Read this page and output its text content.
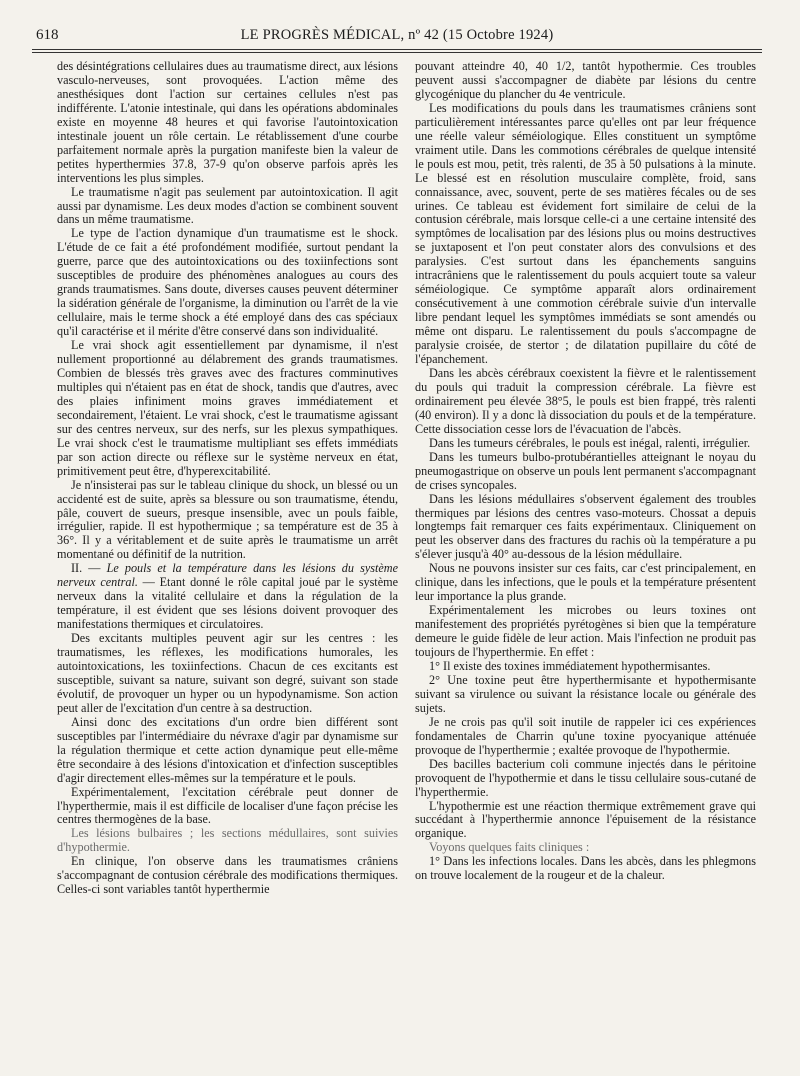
618	LE PROGRÈS MÉDICAL, nº 42 (15 Octobre 1924)

des désintégrations cellulaires dues au traumatisme direct, aux lésions vasculo-nerveuses, sont provoquées. L'action même des anesthésiques dont l'action sur certaines cellules n'est pas indifférente. L'atonie intestinale, qui dans les opérations abdominales existe en moyenne 48 heures et qui favorise l'autointoxication intestinale jouent un rôle certain. Le rétablissement d'une courbe parfaitement normale après la purgation manifeste bien la valeur de petites hyperthermies 37.8, 37-9 qu'on observe parfois après les interventions les plus simples.

Le traumatisme n'agit pas seulement par autointoxication. Il agit aussi par dynamisme. Les deux modes d'action se combinent souvent dans un même traumatisme.

Le type de l'action dynamique d'un traumatisme est le shock. L'étude de ce fait a été profondément modifiée, surtout pendant la guerre, parce que des autointoxications ou des toxiinfections sont susceptibles de produire des phénomènes analogues au cours des grands traumatismes. Sans doute, diverses causes peuvent déterminer la sidération générale de l'organisme, la diminution ou l'arrêt de la vie cellulaire, mais le terme shock a été employé dans des cas spéciaux qu'il caractérise et il mérite d'être conservé dans son individualité.

Le vrai shock agit essentiellement par dynamisme, il n'est nullement proportionné au délabrement des grands traumatismes. Combien de blessés très graves avec des fractures comminutives multiples qui n'étaient pas en état de shock, tandis que d'autres, avec des plaies infiniment moins graves immédiatement et secondairement, l'étaient. Le vrai shock, c'est le traumatisme agissant sur des centres nerveux, sur des nerfs, sur les plexus sympathiques. Le vrai shock c'est le traumatisme multipliant ses effets immédiats par son action directe ou réflexe sur le système nerveux en état, primitivement peut être, d'hyperexcitabilité.

Je n'insisterai pas sur le tableau clinique du shock, un blessé ou un accidenté est de suite, après sa blessure ou son traumatisme, étendu, pâle, couvert de sueurs, presque insensible, avec un pouls faible, irrégulier, rapide. Il est hypothermique ; sa température est de 35 à 36°. Il y a véritablement et de suite après le traumatisme un arrêt momentané ou définitif de la nutrition.

II. — Le pouls et la température dans les lésions du système nerveux central. — Etant donné le rôle capital joué par le système nerveux dans la vitalité cellulaire et dans la régulation de la température, il est évident que ses lésions doivent provoquer des manifestations thermiques et circulatoires.

Des excitants multiples peuvent agir sur les centres : les traumatismes, les réflexes, les modifications humorales, les autointoxications, les toxiinfections. Chacun de ces excitants est susceptible, suivant sa nature, suivant son degré, suivant son stade évolutif, de provoquer un hyper ou un hypodynamisme. Son action peut aller de l'excitation d'un centre à sa destruction.

Ainsi donc des excitations d'un ordre bien différent sont susceptibles par l'intermédiaire du névraxe d'agir par dynamisme sur la régulation thermique et cette action dynamique peut elle-même être secondaire à des lésions d'intoxication et d'infection susceptibles d'agir directement elles-mêmes sur la température et le pouls.

Expérimentalement, l'excitation cérébrale peut donner de l'hyperthermie, mais il est difficile de localiser d'une façon précise les centres thermogènes de la base.

Les lésions bulbaires ; les sections médullaires, sont suivies d'hypothermie.

En clinique, l'on observe dans les traumatismes crâniens s'accompagnant de contusion cérébrale des modifications thermiques. Celles-ci sont variables tantôt hyperthermie

pouvant atteindre 40, 40 1/2, tantôt hypothermie. Ces troubles peuvent aussi s'accompagner de diabète par lésions du centre glycogénique du plancher du 4e ventricule.

Les modifications du pouls dans les traumatismes crâniens sont particulièrement intéressantes parce qu'elles ont par leur fréquence une réelle valeur séméiologique. Elles constituent un symptôme vraiment utile. Dans les commotions cérébrales de quelque intensité le pouls est mou, petit, très ralenti, de 35 à 50 pulsations à la minute. Le blessé est en résolution musculaire complète, froid, sans connaissance, avec, souvent, perte de ses matières fécales ou de ses urines. Ce tableau est évidement fort similaire de celui de la contusion cérébrale, mais lorsque celle-ci a une certaine intensité des symptômes de localisation par des lésions plus ou moins destructives se juxtaposent et l'on peut constater alors des convulsions et des paralysies. C'est surtout dans les épanchements sanguins intracrâniens que le ralentissement du pouls acquiert toute sa valeur séméiologique. Ce symptôme apparaît alors ordinairement consécutivement à une commotion cérébrale suivie d'un intervalle libre pendant lequel les symptômes immédiats se sont amendés ou même ont disparu. Le ralentissement du pouls s'accompagne de paralysie croisée, de stertor ; de dilatation pupillaire du côté de l'épanchement.

Dans les abcès cérébraux coexistent la fièvre et le ralentissement du pouls qui traduit la compression cérébrale. La fièvre est ordinairement peu élevée 38°5, le pouls est bien frappé, très ralenti (40 environ). Il y a donc là dissociation du pouls et de la température. Cette dissociation cesse lors de l'évacuation de l'abcès.

Dans les tumeurs cérébrales, le pouls est inégal, ralenti, irrégulier.

Dans les tumeurs bulbo-protubérantielles atteignant le noyau du pneumogastrique on observe un pouls lent permanent s'accompagnant de crises syncopales.

Dans les lésions médullaires s'observent également des troubles thermiques par lésions des centres vaso-moteurs. Chossat a depuis longtemps fait remarquer ces faits expérimentaux. Cliniquement on peut les observer dans des fractures du rachis où la température a pu s'élever jusqu'à 40° au-dessous de la lésion médullaire.

Nous ne pouvons insister sur ces faits, car c'est principalement, en clinique, dans les infections, que le pouls et la température présentent leur importance la plus grande.

Expérimentalement les microbes ou leurs toxines ont manifestement des propriétés pyrétogènes si bien que la température demeure le guide fidèle de leur action. Mais l'infection ne produit pas toujours de l'hyperthermie. En effet :

1° Il existe des toxines immédiatement hypothermisantes.

2° Une toxine peut être hyperthermisante et hypothermisante suivant sa virulence ou suivant la résistance locale ou générale des sujets.

Je ne crois pas qu'il soit inutile de rappeler ici ces expériences fondamentales de Charrin qu'une toxine pyocyanique atténuée provoque de l'hyperthermie ; exaltée provoque de l'hypothermie.

Des bacilles bacterium coli commune injectés dans le péritoine provoquent de l'hypothermie et dans le tissu cellulaire sous-cutané de l'hyperthermie.

L'hypothermie est une réaction thermique extrêmement grave qui succédant à l'hyperthermie annonce l'épuisement de la résistance organique.

Voyons quelques faits cliniques :

1° Dans les infections locales. Dans les abcès, dans les phlegmons on trouve localement de la rougeur et de la chaleur.
